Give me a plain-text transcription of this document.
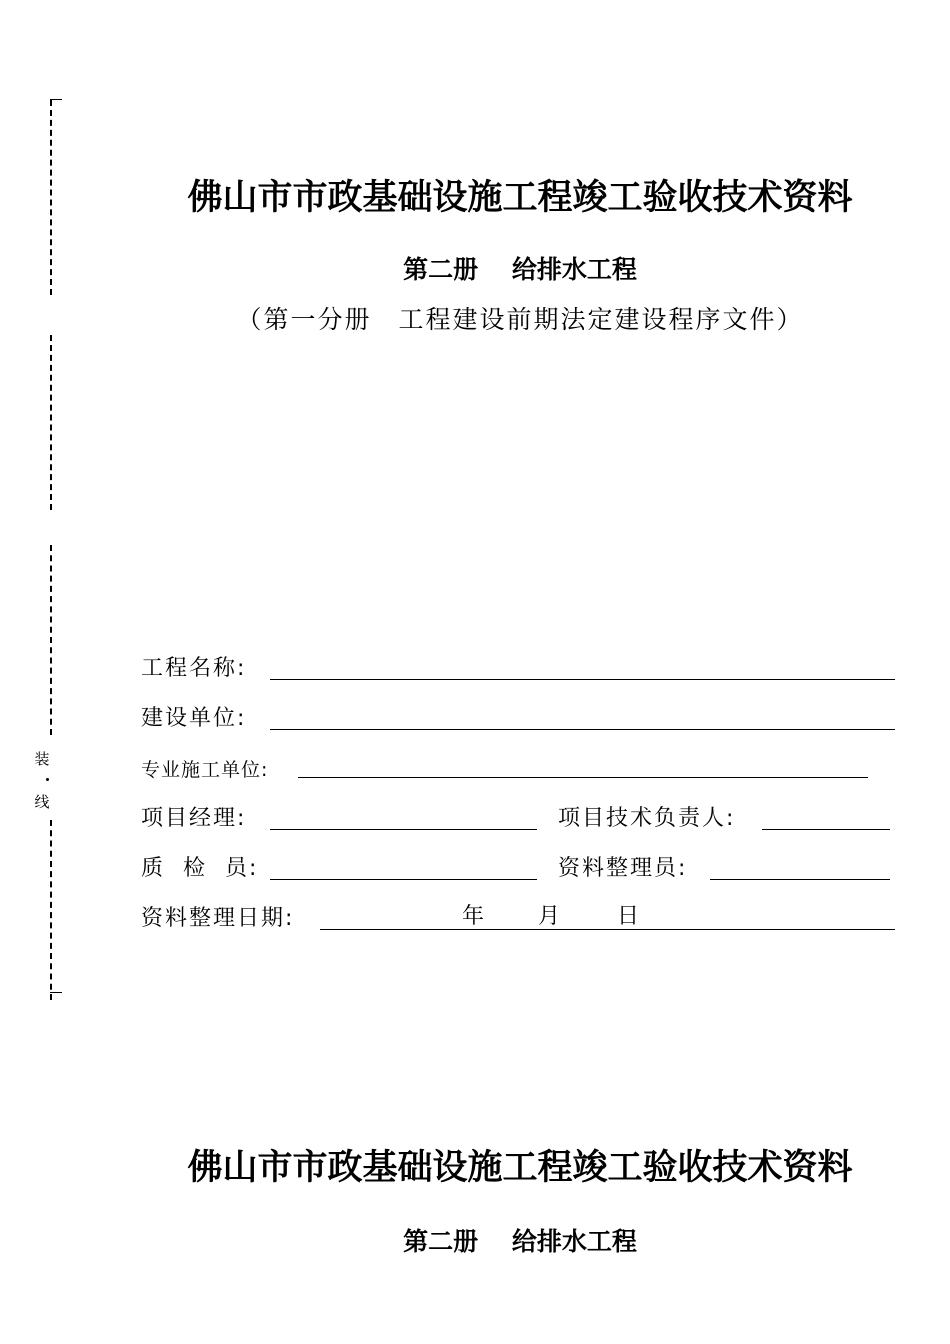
装
线
佛山市市政基础设施工程竣工验收技术资料
第二册　 给排水工程
（第一分册　工程建设前期法定建设程序文件）
工程名称:
建设单位:
专业施工单位:
项目经理:	项目技术负责人:
质  检  员:	资料整理员:
资料整理日期:	年 月	日
佛山市市政基础设施工程竣工验收技术资料
第二册　 给排水工程
